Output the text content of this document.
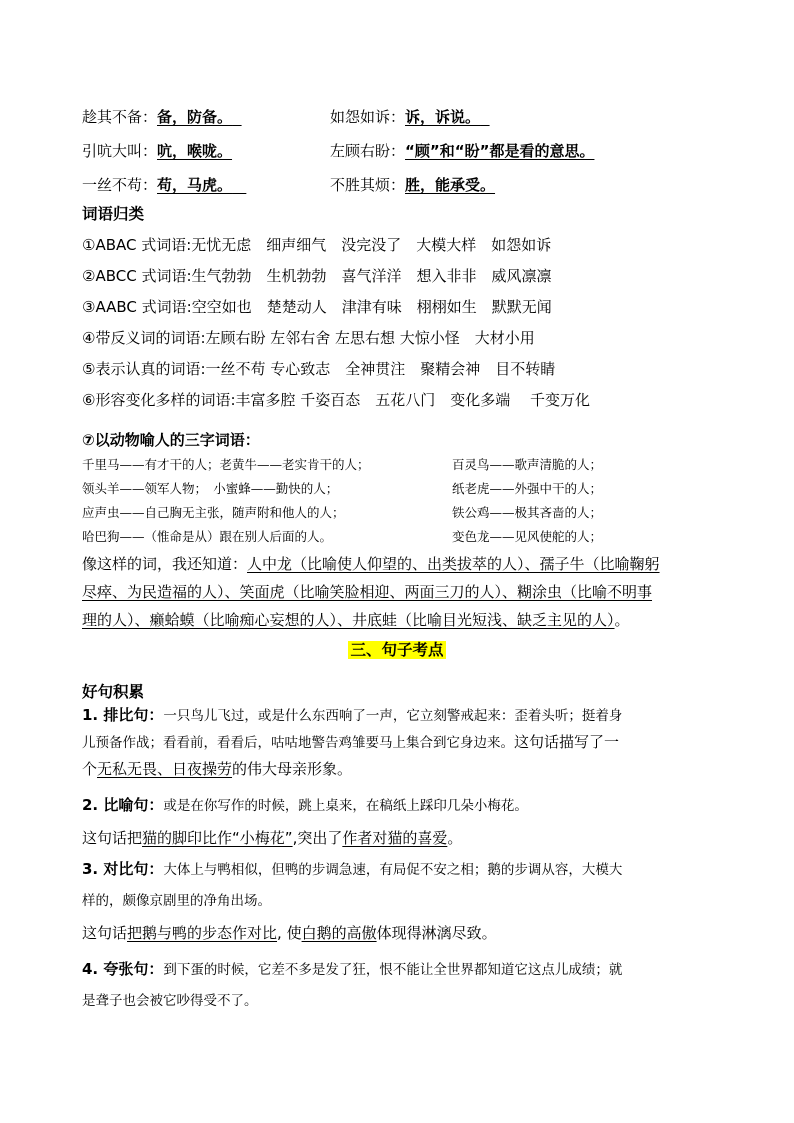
趁其不备：备，防备。	如怨如诉：诉，诉说。
引吭大叫：吭，喉咙。	左顾右盼：“顾”和“盼”都是看的意思。
一丝不苟：苟，马虎。	不胜其烦：胜，能承受。
词语归类
①ABAC 式词语:无忧无虑　细声细气　没完没了　大模大样　如怨如诉
②ABCC 式词语:生气勃勃　生机勃勃　喜气洋洋　想入非非　威风凛凛
③AABC 式词语:空空如也　楚楚动人　津津有味　栩栩如生　默默无闻
④带反义词的词语:左顾右盼 左邻右舍 左思右想 大惊小怪　大材小用
⑤表示认真的词语:一丝不苟 专心致志　全神贯注　聚精会神　目不转睛
⑥形容变化多样的词语:丰富多腔 千姿百态　五花八门　变化多端　 千变万化
⑦以动物喻人的三字词语：
千里马——有才干的人；老黄牛——老实肯干的人；	百灵鸟——歌声清脆的人；
领头羊——领军人物；　小蜜蜂——勤快的人；	纸老虎——外强中干的人；
应声虫——自己胸无主张，随声附和他人的人；	铁公鸡——极其吝啬的人；
哈巴狗——（惟命是从）跟在别人后面的人。	变色龙——见风使舵的人；
像这样的词，我还知道：人中龙（比喻使人仰望的、出类拔萃的人）、孺子牛（比喻鞠躬
尽瘁、为民造福的人）、笑面虎（比喻笑脸相迎、两面三刀的人）、糊涂虫（比喻不明事
理的人）、癞蛤蟆（比喻痴心妄想的人）、井底蛙（比喻目光短浅、缺乏主见的人）。
三、句子考点
好句积累
1. 排比句：一只鸟儿飞过，或是什么东西响了一声，它立刻警戒起来：歪着头听；挺着身
儿预备作战；看看前，看看后，咕咕地警告鸡雏要马上集合到它身边来。这句话描写了一
个无私无畏、日夜操劳的伟大母亲形象。
2. 比喻句：或是在你写作的时候，跳上桌来，在稿纸上踩印几朵小梅花。
这句话把猫的脚印比作“小梅花”,突出了作者对猫的喜爱。
3. 对比句：大体上与鸭相似，但鸭的步调急速，有局促不安之相；鹅的步调从容，大模大
样的，颇像京剧里的净角出场。
这句话把鹅与鸭的步态作对比, 使白鹅的高傲体现得淋漓尽致。
4. 夸张句：到下蛋的时候，它差不多是发了狂，恨不能让全世界都知道它这点儿成绩；就
是聋子也会被它吵得受不了。
